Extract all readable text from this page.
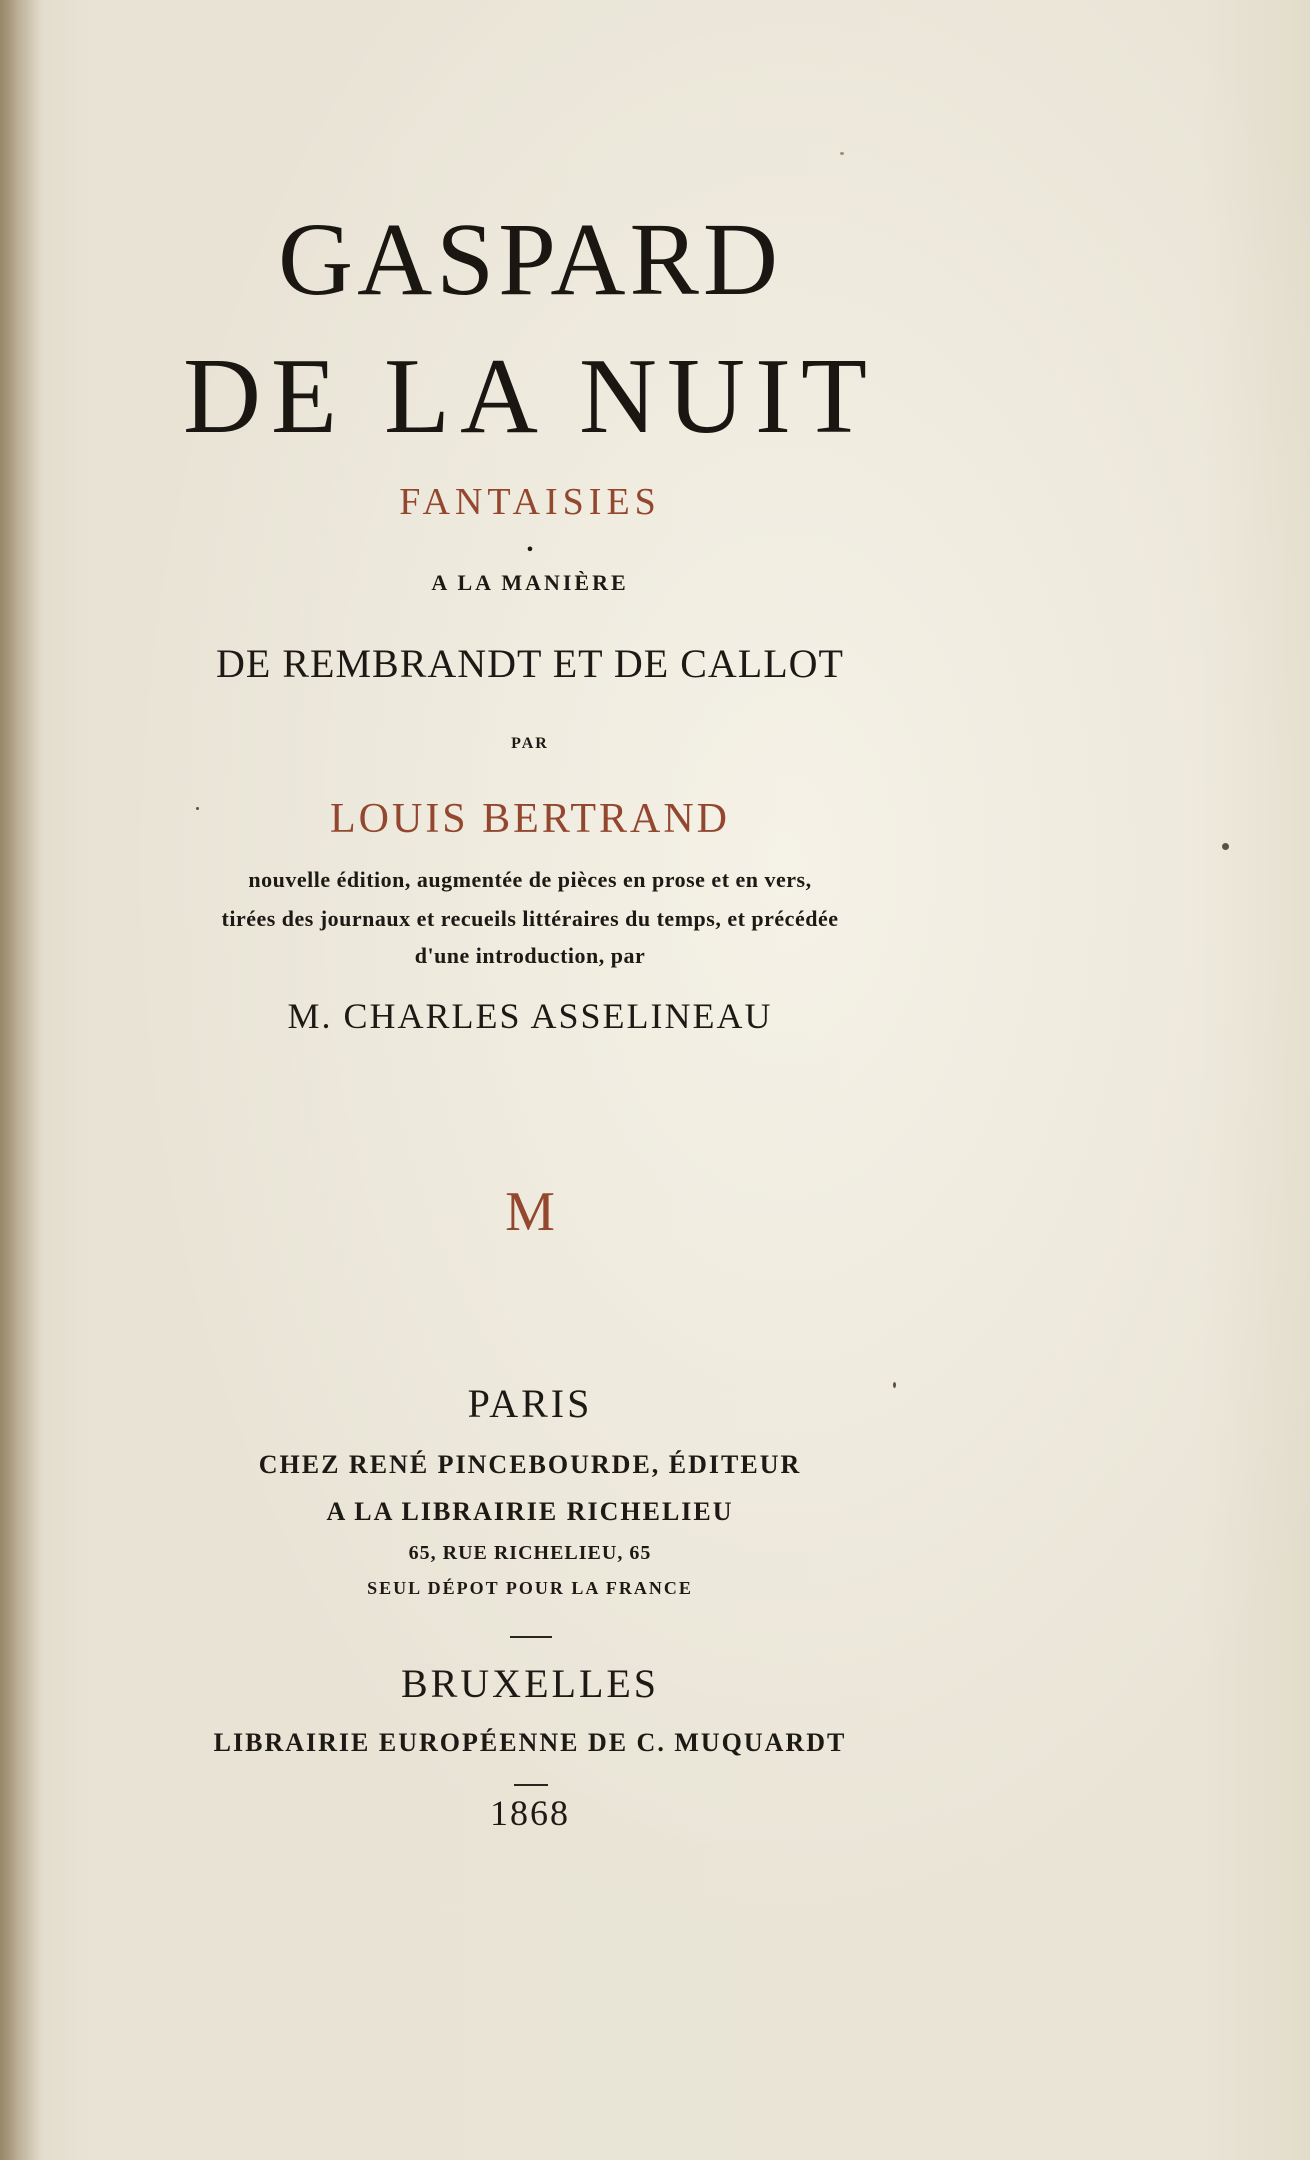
GASPARD
DE LA NUIT

FANTAISIES

•

A LA MANIÈRE

DE REMBRANDT ET DE CALLOT

PAR

LOUIS BERTRAND

nouvelle édition, augmentée de pièces en prose et en vers,

tirées des journaux et recueils littéraires du temps, et précédée

d'une introduction, par

M. CHARLES ASSELINEAU

M

PARIS

CHEZ RENÉ PINCEBOURDE, ÉDITEUR

A LA LIBRAIRIE RICHELIEU

65, RUE RICHELIEU, 65

SEUL DÉPOT POUR LA FRANCE

BRUXELLES

LIBRAIRIE EUROPÉENNE DE C. MUQUARDT

1868
